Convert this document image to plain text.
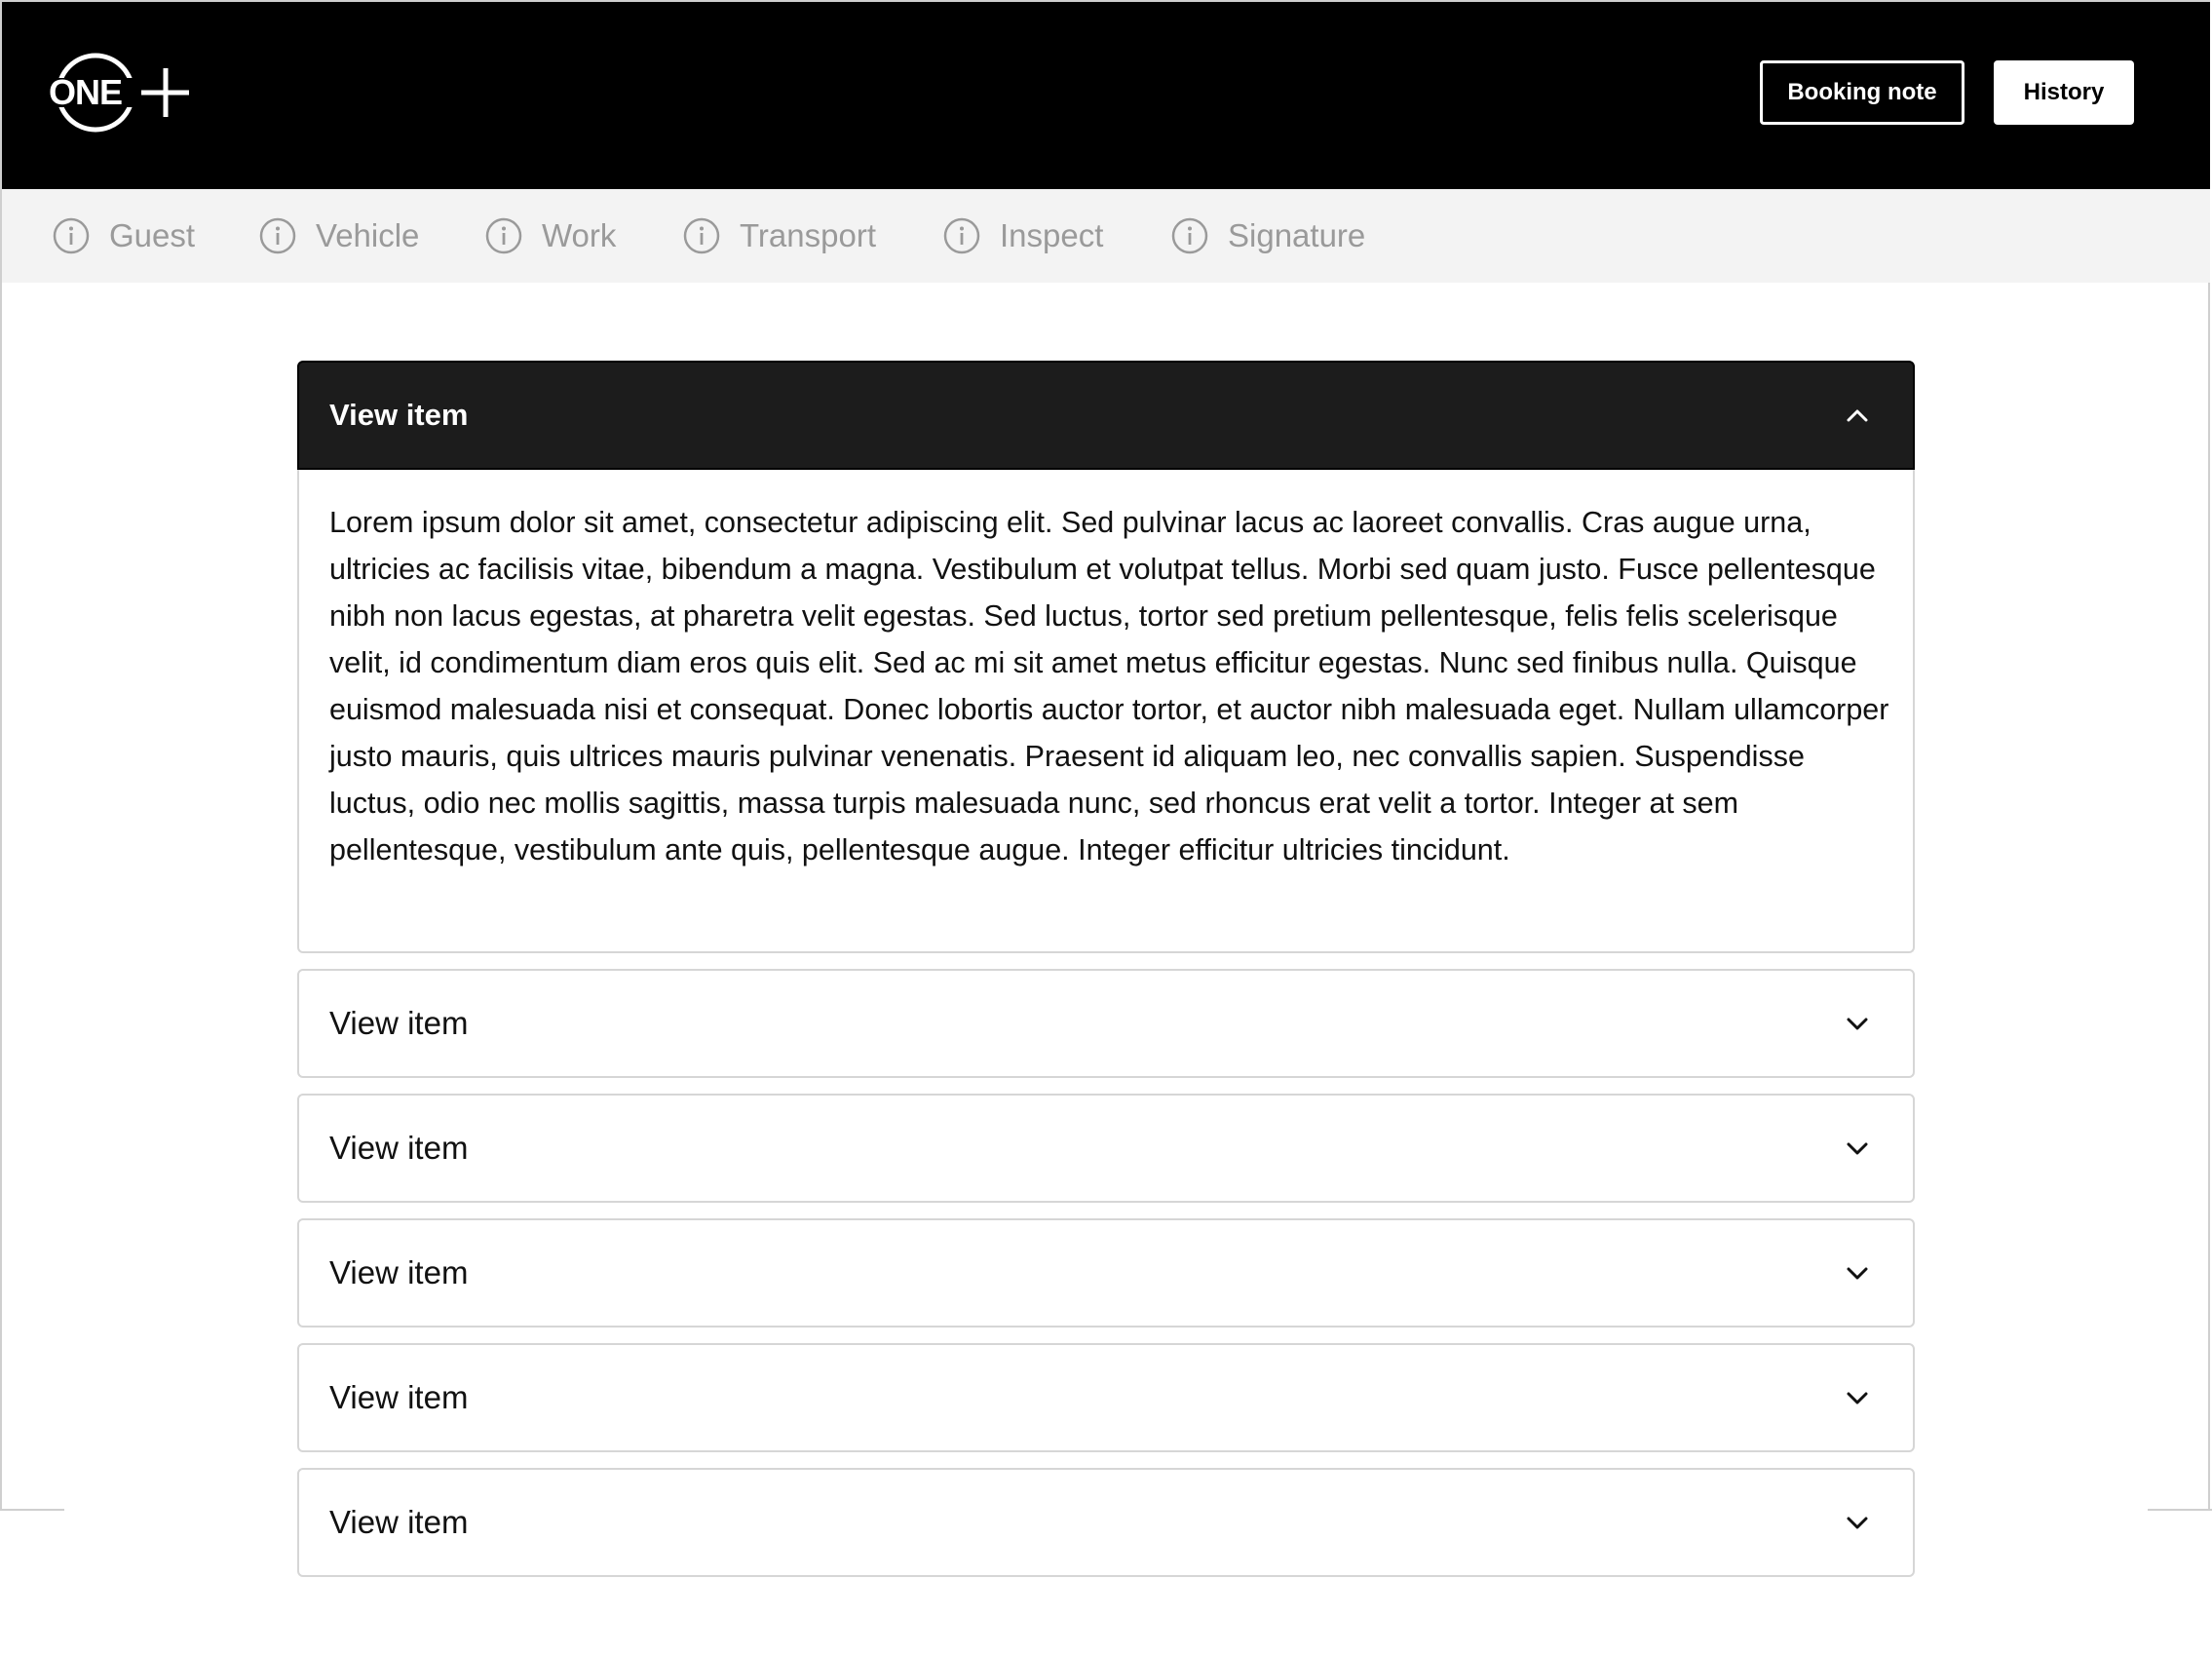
ONE	Booking note	History
Guest	Vehicle	Work	Transport	Inspect	Signature
View item

Lorem ipsum dolor sit amet, consectetur adipiscing elit. Sed pulvinar lacus ac laoreet convallis. Cras augue urna, ultricies ac facilisis vitae, bibendum a magna. Vestibulum et volutpat tellus. Morbi sed quam justo. Fusce pellentesque nibh non lacus egestas, at pharetra velit egestas. Sed luctus, tortor sed pretium pellentesque, felis felis scelerisque velit, id condimentum diam eros quis elit. Sed ac mi sit amet metus efficitur egestas. Nunc sed finibus nulla. Quisque euismod malesuada nisi et consequat. Donec lobortis auctor tortor, et auctor nibh malesuada eget. Nullam ullamcorper justo mauris, quis ultrices mauris pulvinar venenatis. Praesent id aliquam leo, nec convallis sapien. Suspendisse luctus, odio nec mollis sagittis, massa turpis malesuada nunc, sed rhoncus erat velit a tortor. Integer at sem pellentesque, vestibulum ante quis, pellentesque augue. Integer efficitur ultricies tincidunt.

View item
View item
View item
View item
View item
